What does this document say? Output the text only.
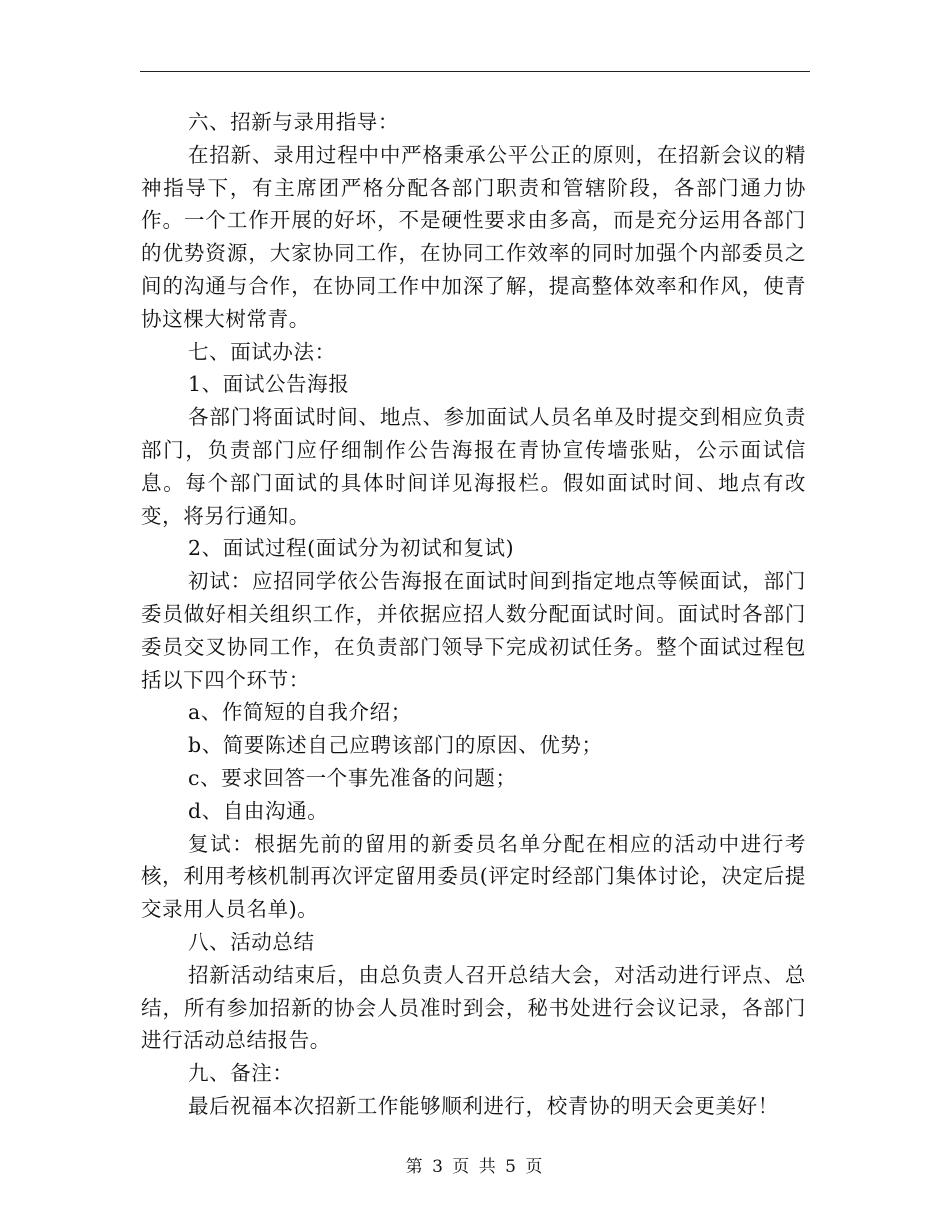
六、招新与录用指导：

在招新、录用过程中中严格秉承公平公正的原则，在招新会议的精神指导下，有主席团严格分配各部门职责和管辖阶段，各部门通力协作。一个工作开展的好坏，不是硬性要求由多高，而是充分运用各部门的优势资源，大家协同工作，在协同工作效率的同时加强个内部委员之间的沟通与合作，在协同工作中加深了解，提高整体效率和作风，使青协这棵大树常青。

七、面试办法：

1、面试公告海报

各部门将面试时间、地点、参加面试人员名单及时提交到相应负责部门，负责部门应仔细制作公告海报在青协宣传墙张贴，公示面试信息。每个部门面试的具体时间详见海报栏。假如面试时间、地点有改变，将另行通知。

2、面试过程(面试分为初试和复试)

初试：应招同学依公告海报在面试时间到指定地点等候面试，部门委员做好相关组织工作，并依据应招人数分配面试时间。面试时各部门委员交叉协同工作，在负责部门领导下完成初试任务。整个面试过程包括以下四个环节：

a、作简短的自我介绍；

b、简要陈述自己应聘该部门的原因、优势；

c、要求回答一个事先准备的问题；

d、自由沟通。

复试：根据先前的留用的新委员名单分配在相应的活动中进行考核，利用考核机制再次评定留用委员(评定时经部门集体讨论，决定后提交录用人员名单)。

八、活动总结

招新活动结束后，由总负责人召开总结大会，对活动进行评点、总结，所有参加招新的协会人员准时到会，秘书处进行会议记录，各部门进行活动总结报告。

九、备注：

最后祝福本次招新工作能够顺利进行，校青协的明天会更美好！

第 3 页 共 5 页
